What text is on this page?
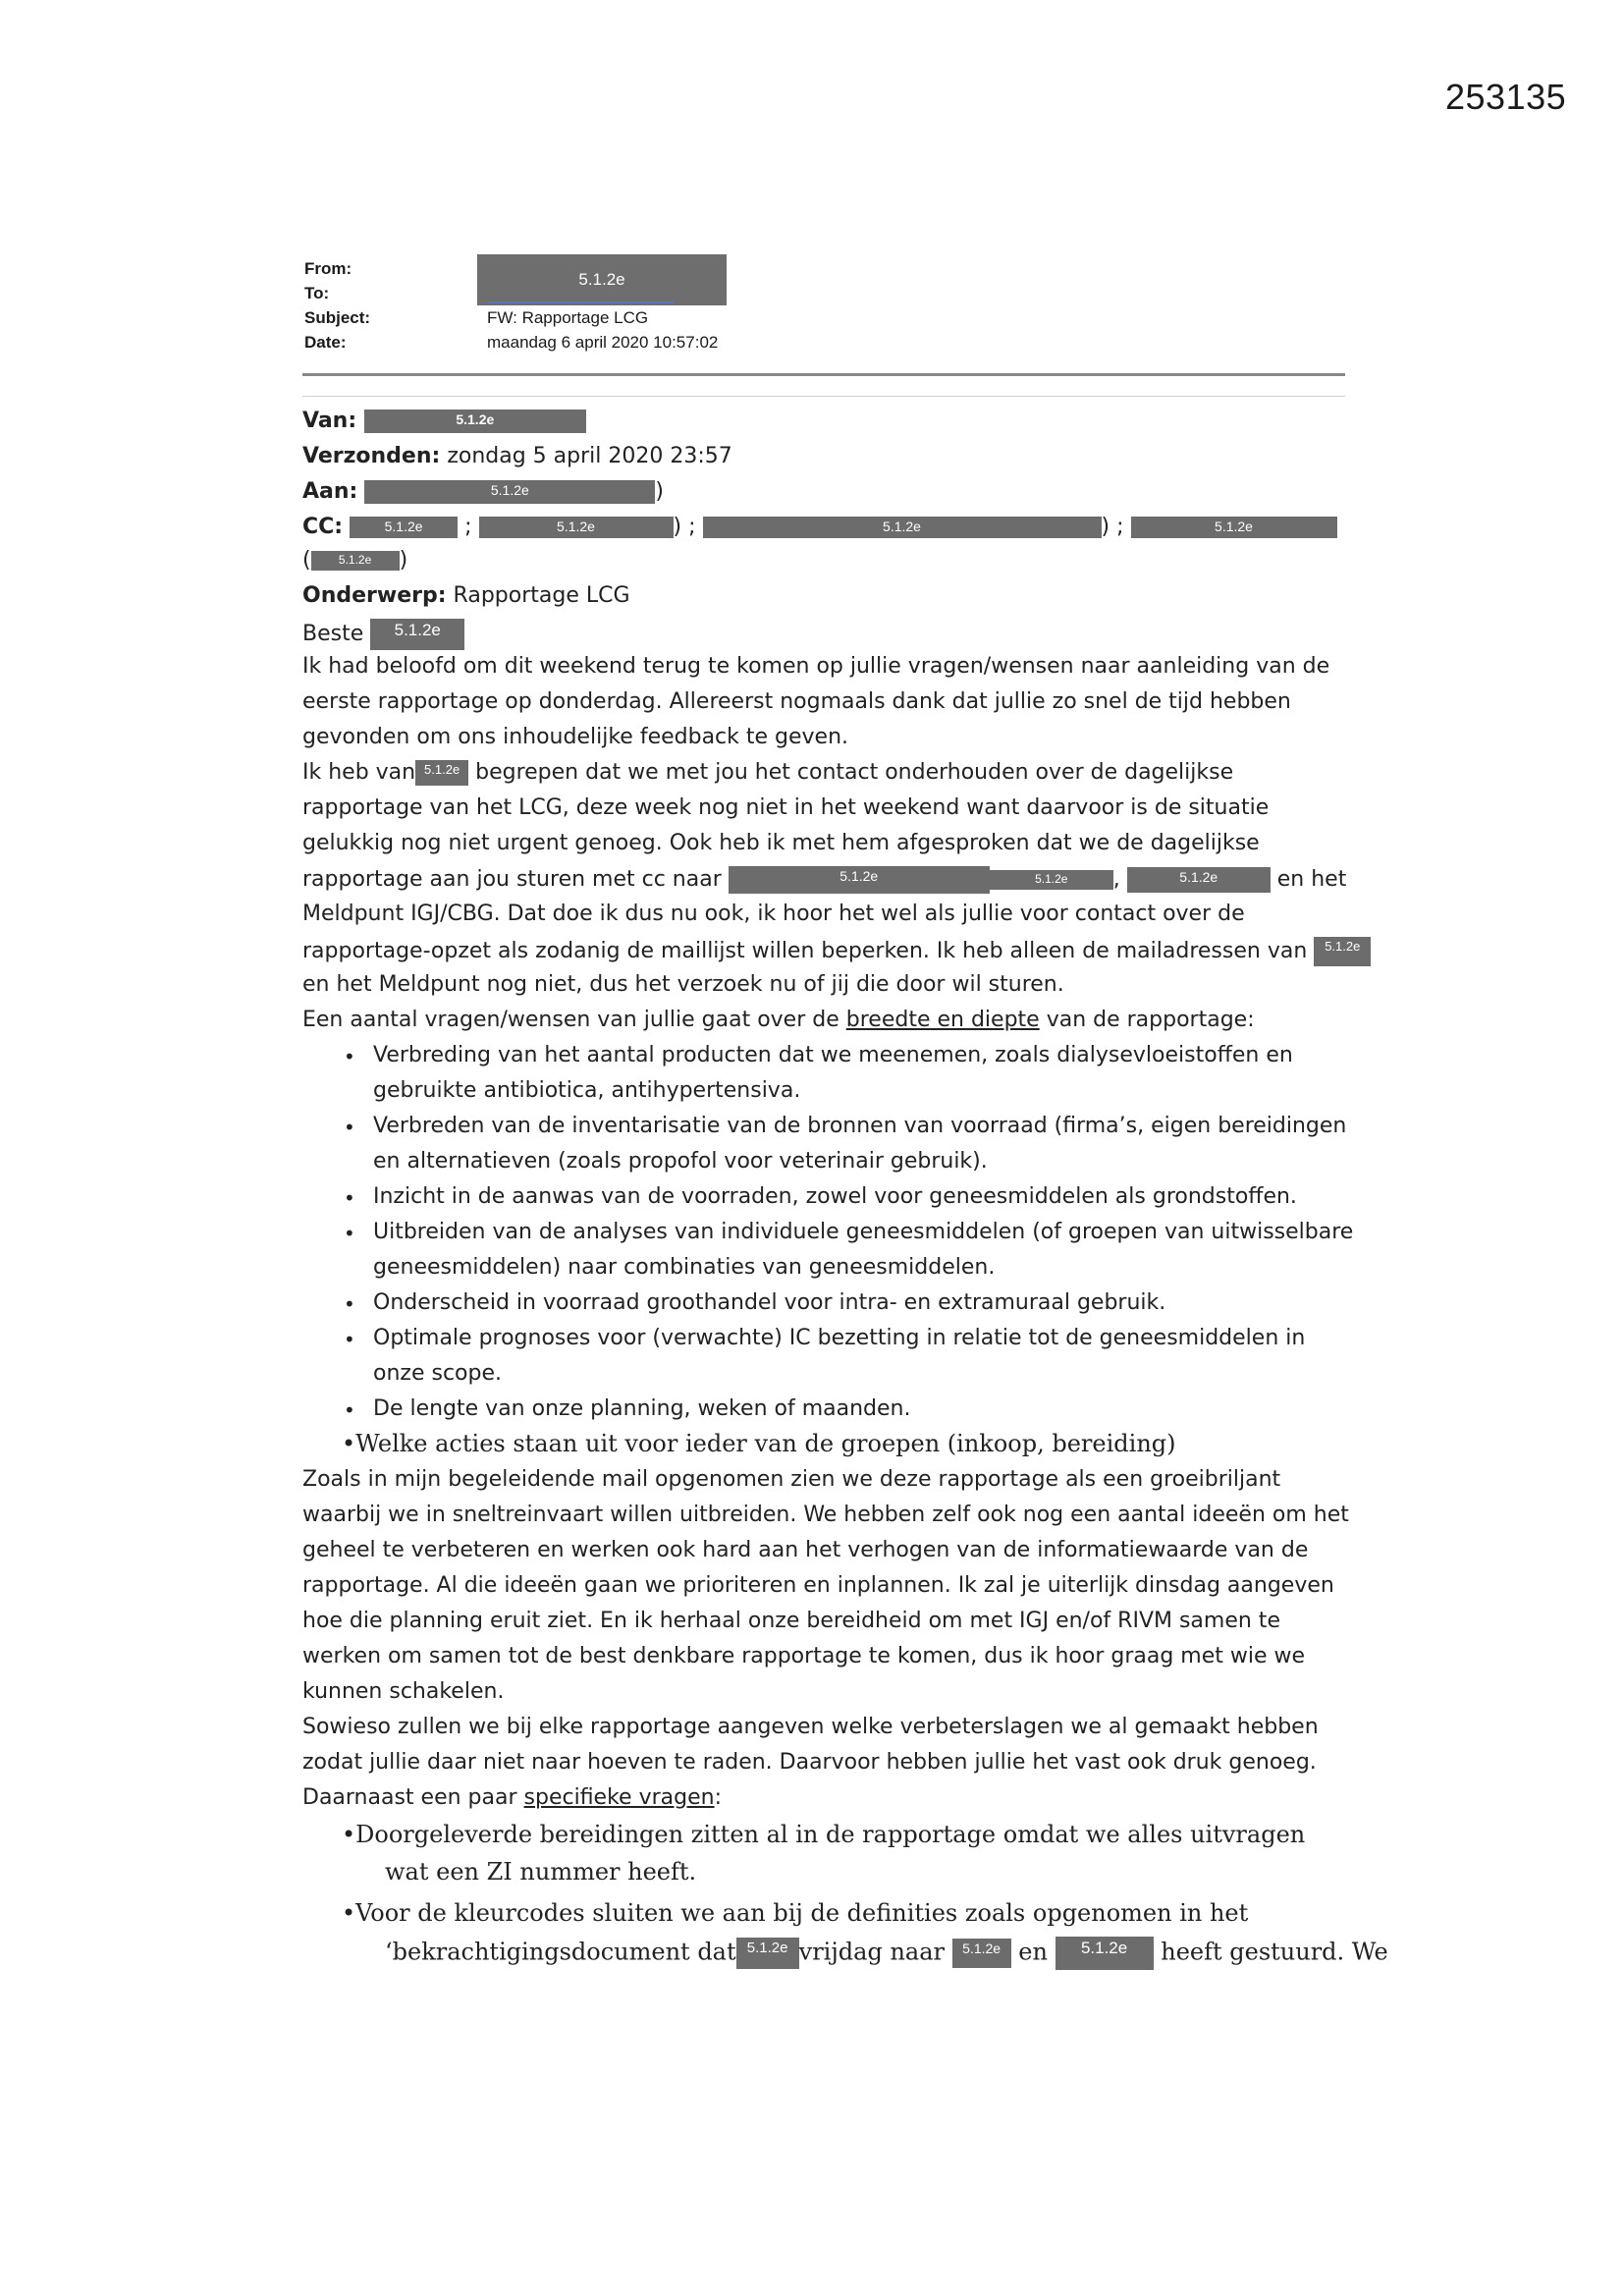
253135
From:
To:
Subject:	FW: Rapportage LCG
Date:	maandag 6 april 2020 10:57:02
5.1.2e
Van:	5.1.2e
Verzonden: zondag 5 april 2020 23:57
Aan:	5.1.2e	)
CC:	5.1.2e ;	5.1.2e	) ;	5.1.2e	) ;	5.1.2e
( 5.1.2e )
Onderwerp: Rapportage LCG
Beste 5.1.2e
Ik had beloofd om dit weekend terug te komen op jullie vragen/wensen naar aanleiding van de
eerste rapportage op donderdag. Allereerst nogmaals dank dat jullie zo snel de tijd hebben
gevonden om ons inhoudelijke feedback te geven.
Ik heb van 5.1.2e begrepen dat we met jou het contact onderhouden over de dagelijkse
rapportage van het LCG, deze week nog niet in het weekend want daarvoor is de situatie
gelukkig nog niet urgent genoeg. Ook heb ik met hem afgesproken dat we de dagelijkse
rapportage aan jou sturen met cc naar	5.1.2e	5.1.2e ,	5.1.2e	en het
Meldpunt IGJ/CBG. Dat doe ik dus nu ook, ik hoor het wel als jullie voor contact over de
rapportage-opzet als zodanig de maillijst willen beperken. Ik heb alleen de mailadressen van 5.1.2e
en het Meldpunt nog niet, dus het verzoek nu of jij die door wil sturen.
Een aantal vragen/wensen van jullie gaat over de breedte en diepte van de rapportage:
• Verbreding van het aantal producten dat we meenemen, zoals dialysevloeistoffen en
gebruikte antibiotica, antihypertensiva.
• Verbreden van de inventarisatie van de bronnen van voorraad (firma’s, eigen bereidingen
en alternatieven (zoals propofol voor veterinair gebruik).
• Inzicht in de aanwas van de voorraden, zowel voor geneesmiddelen als grondstoffen.
• Uitbreiden van de analyses van individuele geneesmiddelen (of groepen van uitwisselbare
geneesmiddelen) naar combinaties van geneesmiddelen.
• Onderscheid in voorraad groothandel voor intra- en extramuraal gebruik.
• Optimale prognoses voor (verwachte) IC bezetting in relatie tot de geneesmiddelen in
onze scope.
• De lengte van onze planning, weken of maanden.
•Welke acties staan uit voor ieder van de groepen (inkoop, bereiding)
Zoals in mijn begeleidende mail opgenomen zien we deze rapportage als een groeibriljant
waarbij we in sneltreinvaart willen uitbreiden. We hebben zelf ook nog een aantal ideeën om het
geheel te verbeteren en werken ook hard aan het verhogen van de informatiewaarde van de
rapportage. Al die ideeën gaan we prioriteren en inplannen. Ik zal je uiterlijk dinsdag aangeven
hoe die planning eruit ziet. En ik herhaal onze bereidheid om met IGJ en/of RIVM samen te
werken om samen tot de best denkbare rapportage te komen, dus ik hoor graag met wie we
kunnen schakelen.
Sowieso zullen we bij elke rapportage aangeven welke verbeterslagen we al gemaakt hebben
zodat jullie daar niet naar hoeven te raden. Daarvoor hebben jullie het vast ook druk genoeg.
Daarnaast een paar specifieke vragen:
•Doorgeleverde bereidingen zitten al in de rapportage omdat we alles uitvragen
wat een ZI nummer heeft.
•Voor de kleurcodes sluiten we aan bij de definities zoals opgenomen in het
‘bekrachtigingsdocument dat 5.1.2e vrijdag naar 5.1.2e en 5.1.2e heeft gestuurd. We
